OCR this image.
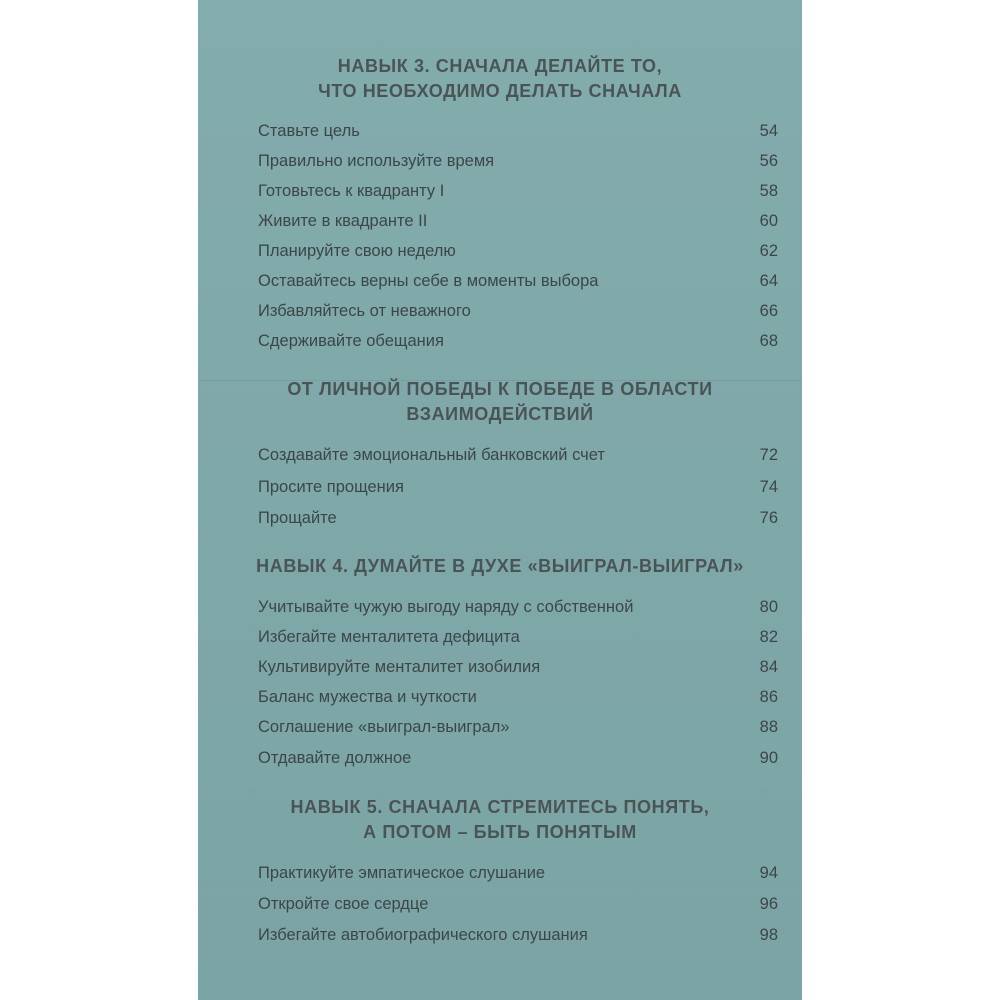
НАВЫК 3. СНАЧАЛА ДЕЛАЙТЕ ТО,
ЧТО НЕОБХОДИМО ДЕЛАТЬ СНАЧАЛА
Ставьте цель	54
Правильно используйте время	56
Готовьтесь к квадранту I	58
Живите в квадранте II	60
Планируйте свою неделю	62
Оставайтесь верны себе в моменты выбора	64
Избавляйтесь от неважного	66
Сдерживайте обещания	68
ОТ ЛИЧНОЙ ПОБЕДЫ К ПОБЕДЕ В ОБЛАСТИ
ВЗАИМОДЕЙСТВИЙ
Создавайте эмоциональный банковский счет	72
Просите прощения	74
Прощайте	76
НАВЫК 4. ДУМАЙТЕ В ДУХЕ «ВЫИГРАЛ-ВЫИГРАЛ»
Учитывайте чужую выгоду наряду с собственной	80
Избегайте менталитета дефицита	82
Культивируйте менталитет изобилия	84
Баланс мужества и чуткости	86
Соглашение «выиграл-выиграл»	88
Отдавайте должное	90
НАВЫК 5. СНАЧАЛА СТРЕМИТЕСЬ ПОНЯТЬ,
А ПОТОМ – БЫТЬ ПОНЯТЫМ
Практикуйте эмпатическое слушание	94
Откройте свое сердце	96
Избегайте автобиографического слушания	98
